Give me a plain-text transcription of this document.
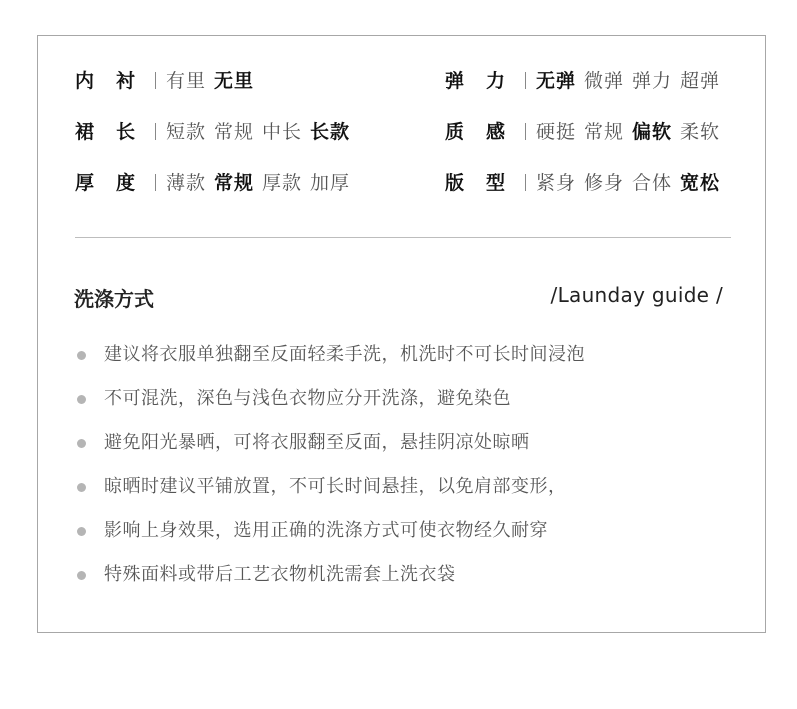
内 衬 有里 无里
裙 长 短款 常规 中长 长款
厚 度 薄款 常规 厚款 加厚
弹 力 无弹 微弹 弹力 超弹
质 感 硬挺 常规 偏软 柔软
版 型 紧身 修身 合体 宽松
洗涤方式	/Launday guide /
建议将衣服单独翻至反面轻柔手洗，机洗时不可长时间浸泡
不可混洗，深色与浅色衣物应分开洗涤，避免染色
避免阳光暴晒，可将衣服翻至反面，悬挂阴凉处晾晒
晾晒时建议平铺放置，不可长时间悬挂，以免肩部变形，
影响上身效果，选用正确的洗涤方式可使衣物经久耐穿
特殊面料或带后工艺衣物机洗需套上洗衣袋
